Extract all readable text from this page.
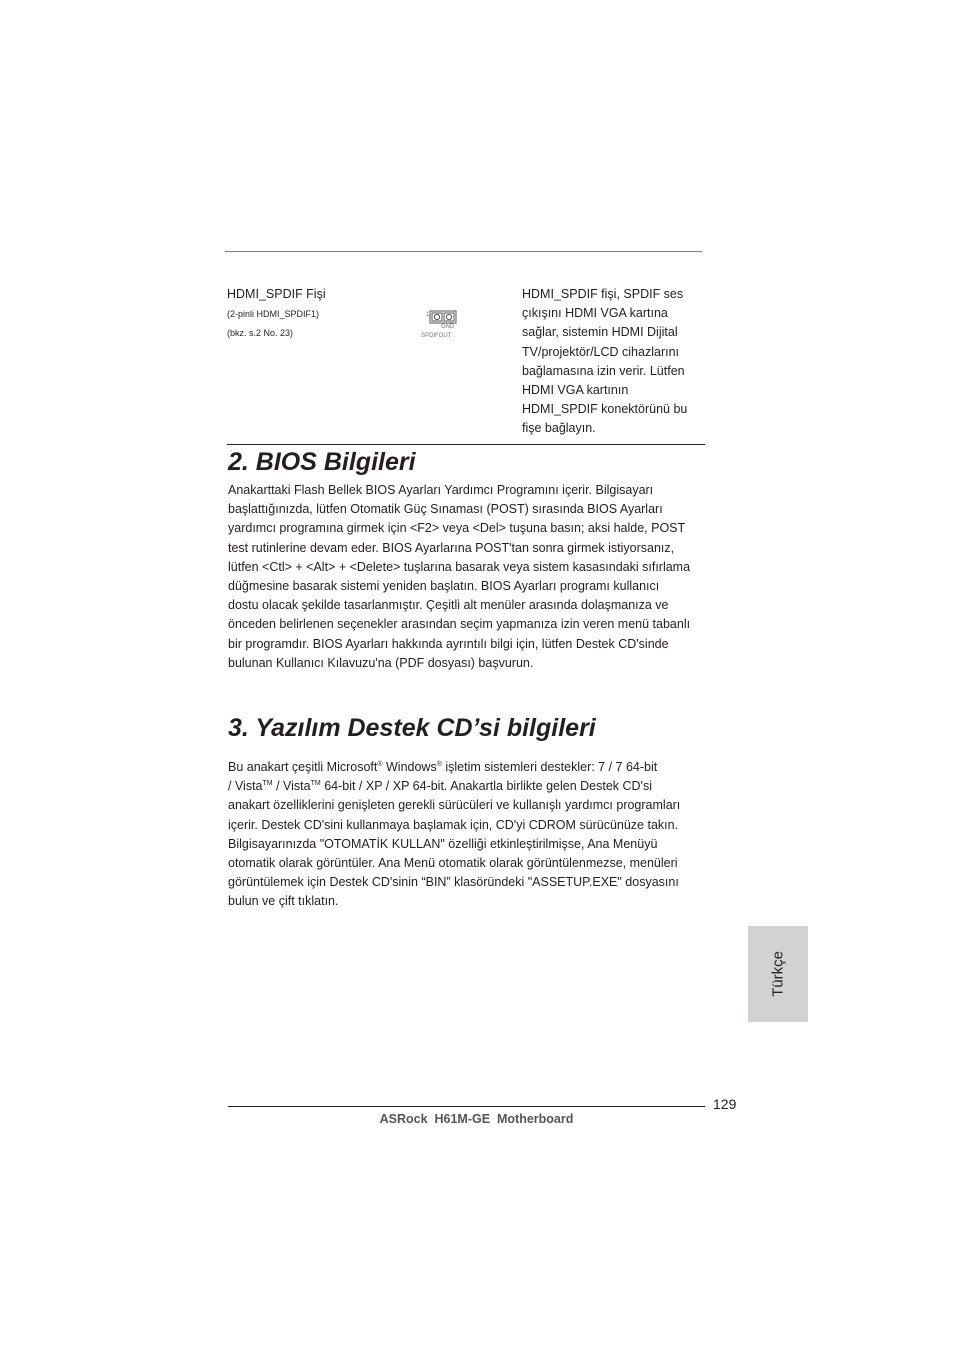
HDMI_SPDIF Fişi
(2-pinli HDMI_SPDIF1)
(bkz. s.2 No. 23)
1
GND
SPDIFOUT

HDMI_SPDIF fişi, SPDIF ses

çıkışını HDMI VGA kartına

sağlar, sistemin HDMI Dijital

TV/projektör/LCD cihazlarını

bağlamasına izin verir. Lütfen

HDMI VGA kartının

HDMI_SPDIF konektörünü bu

fişe bağlayın.

2. BIOS Bilgileri

Anakarttaki Flash Bellek BIOS Ayarları Yardımcı Programını içerir. Bilgisayarı

başlattığınızda, lütfen Otomatik Güç Sınaması (POST) sırasında BIOS Ayarları

yardımcı programına girmek için <F2> veya <Del> tuşuna basın; aksi halde, POST

test rutinlerine devam eder. BIOS Ayarlarına POST'tan sonra girmek istiyorsanız,

lütfen <Ctl> + <Alt> + <Delete> tuşlarına basarak veya sistem kasasındaki sıfırlama

düğmesine basarak sistemi yeniden başlatın. BIOS Ayarları programı kullanıcı

dostu olacak şekilde tasarlanmıştır. Çeşitli alt menüler arasında dolaşmanıza ve

önceden belirlenen seçenekler arasından seçim yapmanıza izin veren menü tabanlı

bir programdır. BIOS Ayarları hakkında ayrıntılı bilgi için, lütfen Destek CD'sinde

bulunan Kullanıcı Kılavuzu'na (PDF dosyası) başvurun.

3. Yazılım Destek CD’si bilgileri

Bu anakart çeşitli Microsoft® Windows® işletim sistemleri destekler: 7 / 7 64-bit

/ Vista™ / Vista™ 64-bit / XP / XP 64-bit. Anakartla birlikte gelen Destek CD'si

anakart özelliklerini genişleten gerekli sürücüleri ve kullanışlı yardımcı programları

içerir. Destek CD'sini kullanmaya başlamak için, CD'yi CDROM sürücünüze takın.

Bilgisayarınızda "OTOMATİK KULLAN" özelliği etkinleştirilmişse, Ana Menüyü

otomatik olarak görüntüler. Ana Menü otomatik olarak görüntülenmezse, menüleri

görüntülemek için Destek CD'sinin “BIN” klasöründeki "ASSETUP.EXE" dosyasını

bulun ve çift tıklatın.

Türkçe
129
ASRock  H61M-GE  Motherboard
